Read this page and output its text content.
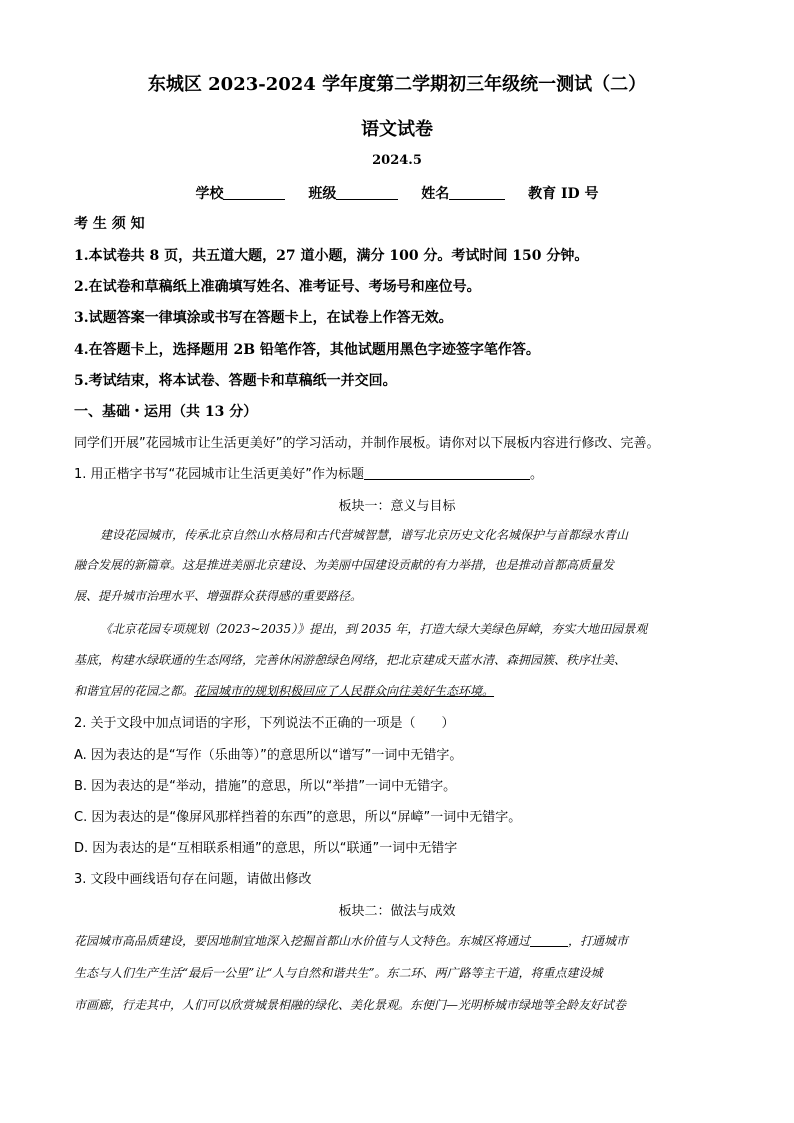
东城区 2023-2024 学年度第二学期初三年级统一测试（二）
语文试卷
2024.5
学校	班级	姓名	教育 ID 号
考 生 须 知
1.本试卷共 8 页，共五道大题，27 道小题，满分 100 分。考试时间 150 分钟。
2.在试卷和草稿纸上准确填写姓名、准考证号、考场号和座位号。
3.试题答案一律填涂或书写在答题卡上，在试卷上作答无效。
4.在答题卡上，选择题用 2B 铅笔作答，其他试题用黑色字迹签字笔作答。
5.考试结束，将本试卷、答题卡和草稿纸一并交回。
一、基础・运用（共 13 分）
同学们开展”花园城市让生活更美好”的学习活动，并制作展板。请你对以下展板内容进行修改、完善。
1. 用正楷字书写“花园城市让生活更美好”作为标题	。
板块一：意义与目标
建设花园城市，传承北京自然山水格局和古代营城智慧，谱写北京历史文化名城保护与首都绿水青山
融合发展的新篇章。这是推进美丽北京建设、为美丽中国建设贡献的有力举措，也是推动首都高质量发
展、提升城市治理水平、增强群众获得感的重要路径。
《北京花园专项规划（2023~2035）》提出，到 2035 年，打造大绿大美绿色屏嶂，夯实大地田园景观
基底，构建水绿联通的生态网络，完善休闲游憩绿色网络，把北京建成天蓝水清、森拥园簇、秩序壮美、
和谐宜居的花园之都。花园城市的规划积极回应了人民群众向往美好生态环境。
2. 关于文段中加点词语的字形，下列说法不正确的一项是（　　）
A. 因为表达的是“写作（乐曲等）”的意思所以“谱写”一词中无错字。
B. 因为表达的是“举动，措施”的意思，所以“举措”一词中无错字。
C. 因为表达的是“像屏风那样挡着的东西”的意思，所以“屏嶂”一词中无错字。
D. 因为表达的是“互相联系相通”的意思，所以“联通”一词中无错字
3. 文段中画线语句存在问题，请做出修改
板块二：做法与成效
花园城市高品质建设，要因地制宜地深入挖掘首都山水价值与人文特色。东城区将通过	，打通城市
生态与人们生产生活“最后一公里”让“人与自然和谐共生”。东二环、两广路等主干道，将重点建设城
市画廊，行走其中，人们可以欣赏城景相融的绿化、美化景观。东便门—光明桥城市绿地等全龄友好试卷
